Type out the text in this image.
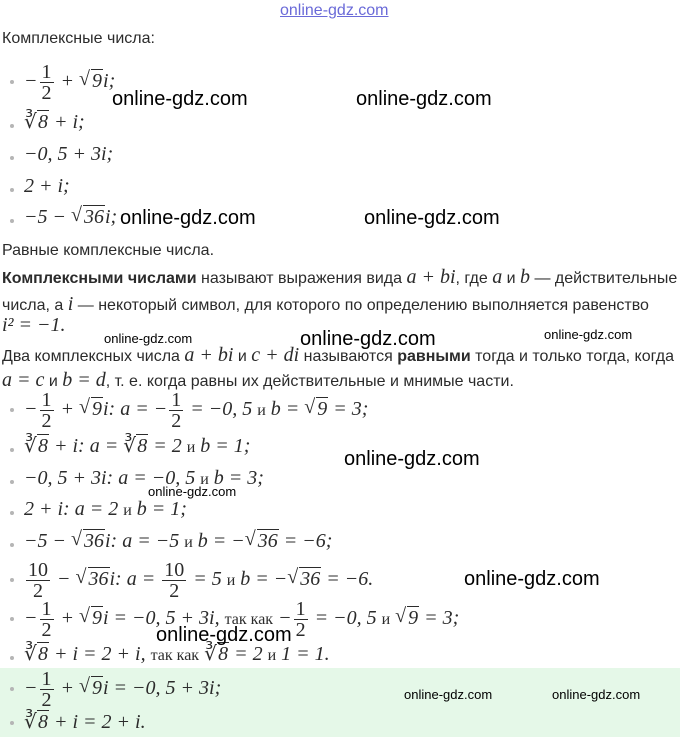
online-gdz.com
Комплексные числа:
− $\frac{1}{2}$ + √ 9i;
∛ 8 + i;
−0, 5 + 3i;
2 + i;
−5 − √ 36i;
Равные комплексные числа.
Комплексными числами называют выражения вида a + bi, где a и b — действительные
числа, а i — некоторый символ, для которого по определению выполняется равенство
i² = −1.
Два комплексных числа a + bi и c + di называются равными тогда и только тогда, когда
a = c и b = d, т. е. когда равны их действительные и мнимые части.
− $\frac{1}{2}$ + √ 9i: a = − $\frac{1}{2} = -0$, 5 и b = √ 9 = 3;
∛ 8 + i: a = ∛ 8 = 2 и b = 1;
−0, 5 + 3i: a = −0, 5 и b = 3;
2 + i: a = 2 и b = 1;
−5 − √ 36i: a = −5 и b = − √ 36 = −6;
$\frac{10}{2}$ − √ 36i: $a = \frac{10}{2} = 5$ и b = − √ 36 = −6.
− $\frac{1}{2}$ + √ 9i = −0, 5 + 3i, так как − $\frac{1}{2} = -0$, 5 и √ 9 = 3;
∛ 8 + i = 2 + i, так как ∛ 8 = 2 и 1 = 1.
− $\frac{1}{2}$ + √ 9i = −0, 5 + 3i;
∛ 8 + i = 2 + i.
online-gdz.com	online-gdz.com
online-gdz.com	online-gdz.com
online-gdz.com	online-gdz.com	online-gdz.com
online-gdz.com
online-gdz.com
online-gdz.com
online-gdz.com
online-gdz.com	online-gdz.com
